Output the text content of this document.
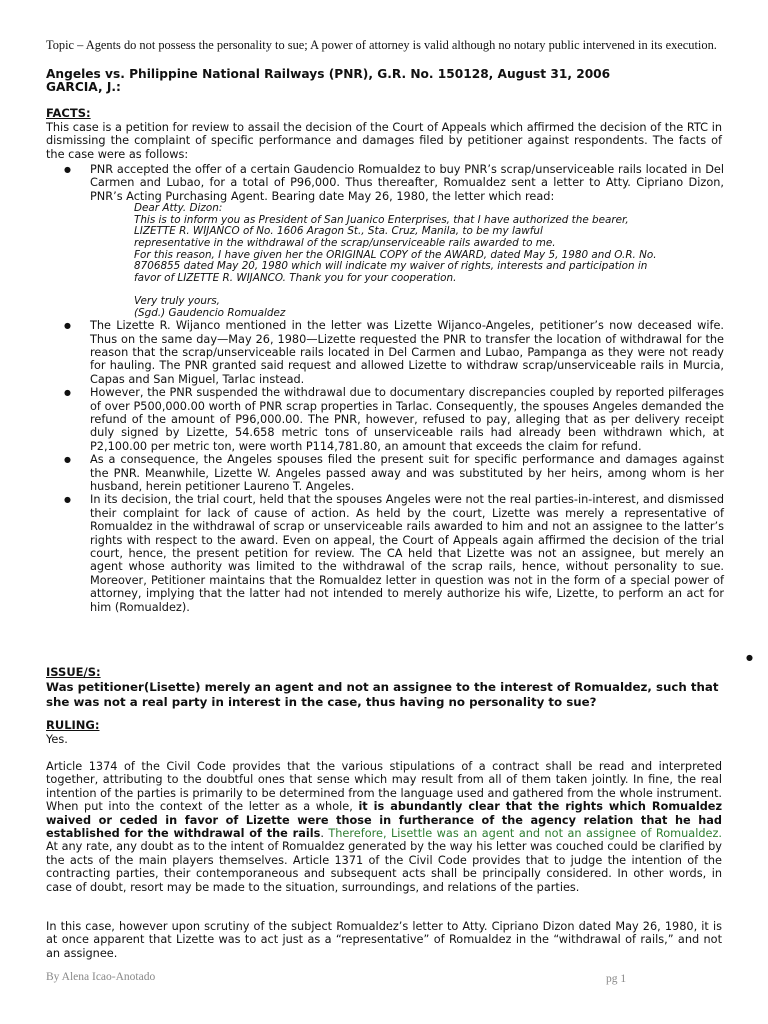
Topic – Agents do not possess the personality to sue; A power of attorney is valid although no notary public intervened in its execution.
Angeles vs. Philippine National Railways (PNR), G.R. No. 150128, August 31, 2006
GARCIA, J.:
FACTS:

This case is a petition for review to assail the decision of the Court of Appeals which affirmed the decision of the RTC in dismissing the complaint of specific performance and damages filed by petitioner against respondents. The facts of the case were as follows:

● PNR accepted the offer of a certain Gaudencio Romualdez to buy PNR’s scrap/unserviceable rails located in Del Carmen and Lubao, for a total of P96,000. Thus thereafter, Romualdez sent a letter to Atty. Cipriano Dizon, PNR’s Acting Purchasing Agent. Bearing date May 26, 1980, the letter which read:

Dear Atty. Dizon:

This is to inform you as President of San Juanico Enterprises, that I have authorized the bearer,

LIZETTE R. WIJANCO of No. 1606 Aragon St., Sta. Cruz, Manila, to be my lawful

representative in the withdrawal of the scrap/unserviceable rails awarded to me.

For this reason, I have given her the ORIGINAL COPY of the AWARD, dated May 5, 1980 and O.R. No.

8706855 dated May 20, 1980 which will indicate my waiver of rights, interests and participation in

favor of LIZETTE R. WIJANCO. Thank you for your cooperation.

Very truly yours,

(Sgd.) Gaudencio Romualdez

● The Lizette R. Wijanco mentioned in the letter was Lizette Wijanco-Angeles, petitioner’s now deceased wife. Thus on the same day—May 26, 1980—Lizette requested the PNR to transfer the location of withdrawal for the reason that the scrap/unserviceable rails located in Del Carmen and Lubao, Pampanga as they were not ready for hauling. The PNR granted said request and allowed Lizette to withdraw scrap/unserviceable rails in Murcia, Capas and San Miguel, Tarlac instead.
● However, the PNR suspended the withdrawal due to documentary discrepancies coupled by reported pilferages of over P500,000.00 worth of PNR scrap properties in Tarlac. Consequently, the spouses Angeles demanded the refund of the amount of P96,000.00. The PNR, however, refused to pay, alleging that as per delivery receipt duly signed by Lizette, 54.658 metric tons of unserviceable rails had already been withdrawn which, at P2,100.00 per metric ton, were worth P114,781.80, an amount that exceeds the claim for refund.
● As a consequence, the Angeles spouses filed the present suit for specific performance and damages against the PNR. Meanwhile, Lizette W. Angeles passed away and was substituted by her heirs, among whom is her husband, herein petitioner Laureno T. Angeles.
● In its decision, the trial court, held that the spouses Angeles were not the real parties-in-interest, and dismissed their complaint for lack of cause of action. As held by the court, Lizette was merely a representative of Romualdez in the withdrawal of scrap or unserviceable rails awarded to him and not an assignee to the latter’s rights with respect to the award. Even on appeal, the Court of Appeals again affirmed the decision of the trial court, hence, the present petition for review. The CA held that Lizette was not an assignee, but merely an agent whose authority was limited to the withdrawal of the scrap rails, hence, without personality to sue. Moreover, Petitioner maintains that the Romualdez letter in question was not in the form of a special power of attorney, implying that the latter had not intended to merely authorize his wife, Lizette, to perform an act for him (Romualdez).
●
ISSUE/S:

Was petitioner(Lisette) merely an agent and not an assignee to the interest of Romualdez, such that she was not a real party in interest in the case, thus having no personality to sue?

RULING:

Yes.

Article 1374 of the Civil Code provides that the various stipulations of a contract shall be read and interpreted together, attributing to the doubtful ones that sense which may result from all of them taken jointly. In fine, the real intention of the parties is primarily to be determined from the language used and gathered from the whole instrument. When put into the context of the letter as a whole, it is abundantly clear that the rights which Romualdez waived or ceded in favor of Lizette were those in furtherance of the agency relation that he had established for the withdrawal of the rails. Therefore, Lisettle was an agent and not an assignee of Romualdez. At any rate, any doubt as to the intent of Romualdez generated by the way his letter was couched could be clarified by the acts of the main players themselves. Article 1371 of the Civil Code provides that to judge the intention of the contracting parties, their contemporaneous and subsequent acts shall be principally considered. In other words, in case of doubt, resort may be made to the situation, surroundings, and relations of the parties.

In this case, however upon scrutiny of the subject Romualdez’s letter to Atty. Cipriano Dizon dated May 26, 1980, it is at once apparent that Lizette was to act just as a “representative” of Romualdez in the “withdrawal of rails,” and not an assignee.

By Alena Icao-Anotado	pg 1
